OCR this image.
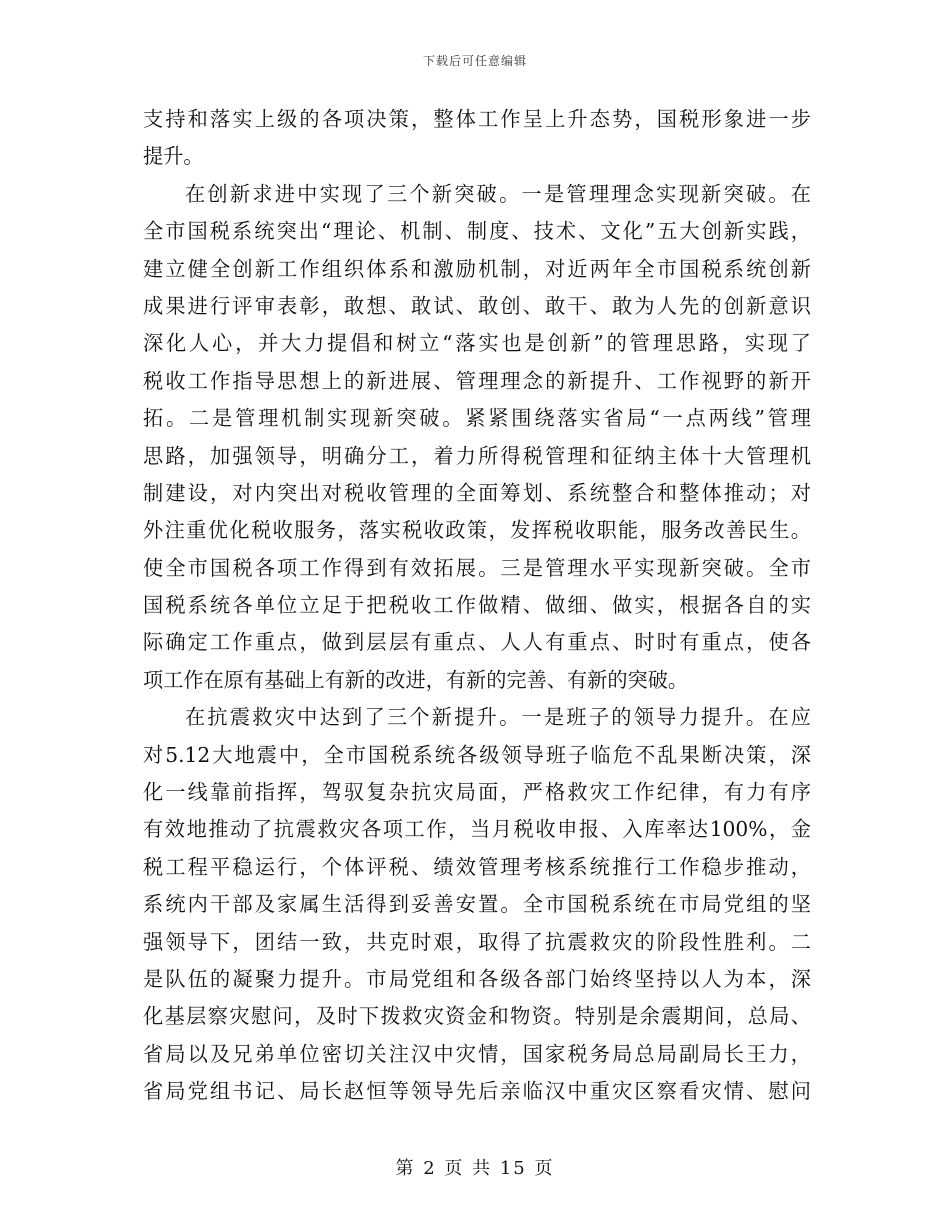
下载后可任意编辑
支持和落实上级的各项决策，整体工作呈上升态势，国税形象进一步
提升。
在创新求进中实现了三个新突破。一是管理理念实现新突破。在
全市国税系统突出“理论、机制、制度、技术、文化”五大创新实践，
建立健全创新工作组织体系和激励机制，对近两年全市国税系统创新
成果进行评审表彰，敢想、敢试、敢创、敢干、敢为人先的创新意识
深化人心，并大力提倡和树立“落实也是创新”的管理思路，实现了
税收工作指导思想上的新进展、管理理念的新提升、工作视野的新开
拓。二是管理机制实现新突破。紧紧围绕落实省局“一点两线”管理
思路，加强领导，明确分工，着力所得税管理和征纳主体十大管理机
制建设，对内突出对税收管理的全面筹划、系统整合和整体推动；对
外注重优化税收服务，落实税收政策，发挥税收职能，服务改善民生。
使全市国税各项工作得到有效拓展。三是管理水平实现新突破。全市
国税系统各单位立足于把税收工作做精、做细、做实，根据各自的实
际确定工作重点，做到层层有重点、人人有重点、时时有重点，使各
项工作在原有基础上有新的改进，有新的完善、有新的突破。
在抗震救灾中达到了三个新提升。一是班子的领导力提升。在应
对5.12大地震中，全市国税系统各级领导班子临危不乱果断决策，深
化一线靠前指挥，驾驭复杂抗灾局面，严格救灾工作纪律，有力有序
有效地推动了抗震救灾各项工作，当月税收申报、入库率达100%，金
税工程平稳运行，个体评税、绩效管理考核系统推行工作稳步推动，
系统内干部及家属生活得到妥善安置。全市国税系统在市局党组的坚
强领导下，团结一致，共克时艰，取得了抗震救灾的阶段性胜利。二
是队伍的凝聚力提升。市局党组和各级各部门始终坚持以人为本，深
化基层察灾慰问，及时下拨救灾资金和物资。特别是余震期间，总局、
省局以及兄弟单位密切关注汉中灾情，国家税务局总局副局长王力，
省局党组书记、局长赵恒等领导先后亲临汉中重灾区察看灾情、慰问
第 2 页 共 15 页
